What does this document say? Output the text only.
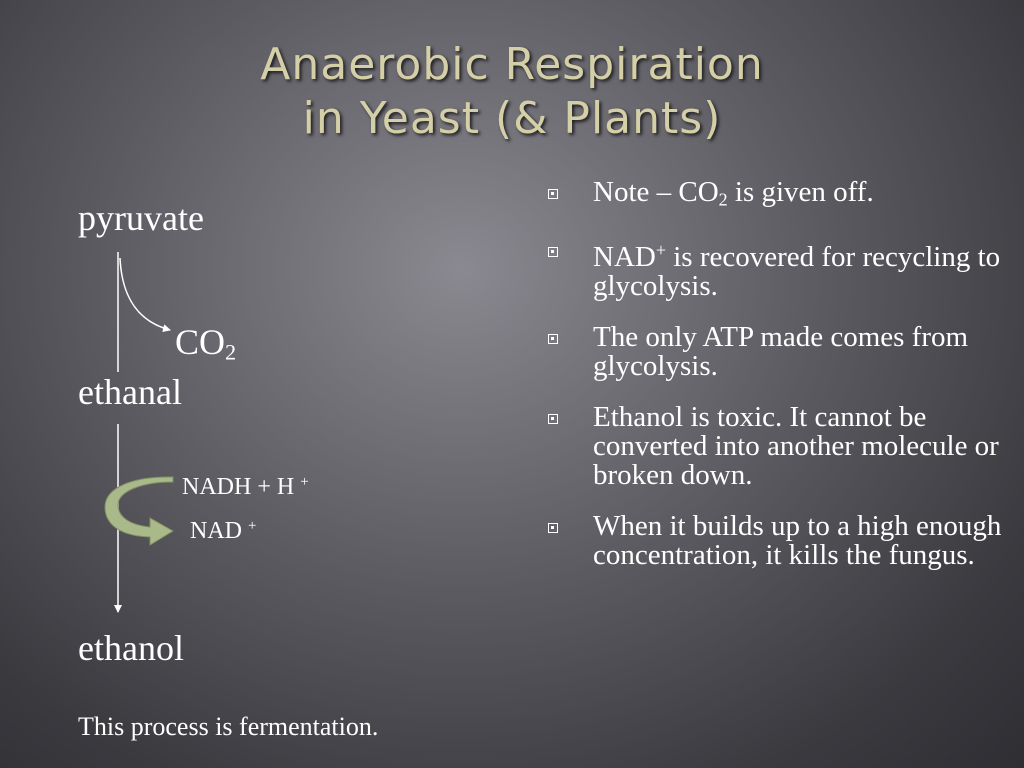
Anaerobic Respiration
in Yeast (& Plants)
pyruvate
$CO_2$
ethanal
NADH + H +
NAD +
ethanol
Note – $CO_2$ is given off.
NAD+ is recovered for recycling to glycolysis.
The only ATP made comes from glycolysis.
Ethanol is toxic. It cannot be converted into another molecule or broken down.
When it builds up to a high enough concentration, it kills the fungus.
This process is fermentation.
